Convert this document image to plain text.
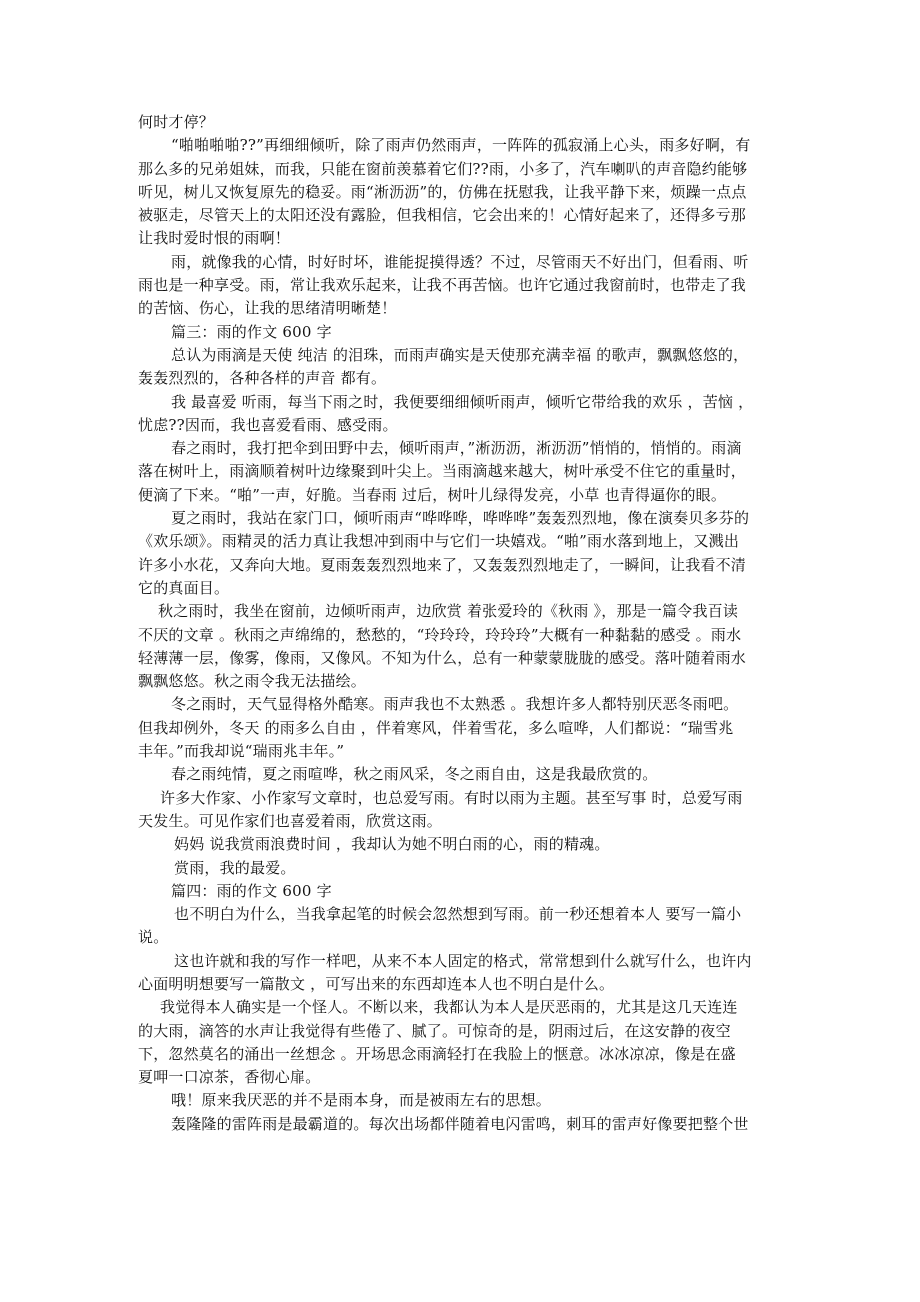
何时才停？
“啪啪啪啪??”再细细倾听，除了雨声仍然雨声，一阵阵的孤寂涌上心头，雨多好啊，有
那么多的兄弟姐妹，而我，只能在窗前羡慕着它们??雨，小多了，汽车喇叭的声音隐约能够
听见，树儿又恢复原先的稳妥。雨“淅沥沥”的，仿佛在抚慰我，让我平静下来，烦躁一点点
被驱走，尽管天上的太阳还没有露脸，但我相信，它会出来的！心情好起来了，还得多亏那
让我时爱时恨的雨啊！
雨，就像我的心情，时好时坏，谁能捉摸得透？不过，尽管雨天不好出门，但看雨、听
雨也是一种享受。雨，常让我欢乐起来，让我不再苦恼。也许它通过我窗前时，也带走了我
的苦恼、伤心，让我的思绪清明晰楚！
篇三：雨的作文 600 字
总认为雨滴是天使 纯洁 的泪珠，而雨声确实是天使那充满幸福 的歌声，飘飘悠悠的，
轰轰烈烈的，各种各样的声音 都有。
我 最喜爱 听雨，每当下雨之时，我便要细细倾听雨声，倾听它带给我的欢乐 ，苦恼 ，
忧虑??因而，我也喜爱看雨、感受雨。
春之雨时，我打把伞到田野中去，倾听雨声，”淅沥沥，淅沥沥”悄悄的，悄悄的。雨滴
落在树叶上，雨滴顺着树叶边缘聚到叶尖上。当雨滴越来越大，树叶承受不住它的重量时，
便滴了下来。“啪”一声，好脆。当春雨 过后，树叶儿绿得发亮，小草 也青得逼你的眼。
夏之雨时，我站在家门口，倾听雨声“哗哗哗，哗哗哗”轰轰烈烈地，像在演奏贝多芬的
《欢乐颂》。雨精灵的活力真让我想冲到雨中与它们一块嬉戏。“啪”雨水落到地上，又溅出
许多小水花，又奔向大地。夏雨轰轰烈烈地来了，又轰轰烈烈地走了，一瞬间，让我看不清
它的真面目。
秋之雨时，我坐在窗前，边倾听雨声，边欣赏 着张爱玲的《秋雨 》，那是一篇令我百读
不厌的文章 。秋雨之声绵绵的，愁愁的，“玲玲玲，玲玲玲”大概有一种黏黏的感受 。雨水
轻薄薄一层，像雾，像雨，又像风。不知为什么，总有一种蒙蒙胧胧的感受。落叶随着雨水
飘飘悠悠。秋之雨令我无法描绘。
冬之雨时，天气显得格外酷寒。雨声我也不太熟悉 。我想许多人都特别厌恶冬雨吧。
但我却例外，冬天 的雨多么自由 ，伴着寒风，伴着雪花，多么喧哗，人们都说：“瑞雪兆
丰年。”而我却说“瑞雨兆丰年。”
春之雨纯情，夏之雨喧哗，秋之雨风采，冬之雨自由，这是我最欣赏的。
许多大作家、小作家写文章时，也总爱写雨。有时以雨为主题。甚至写事 时，总爱写雨
天发生。可见作家们也喜爱着雨，欣赏这雨。
妈妈 说我赏雨浪费时间 ，我却认为她不明白雨的心，雨的精魂。
赏雨，我的最爱。
篇四：雨的作文 600 字
也不明白为什么，当我拿起笔的时候会忽然想到写雨。前一秒还想着本人 要写一篇小
说。
这也许就和我的写作一样吧，从来不本人固定的格式，常常想到什么就写什么，也许内
心面明明想要写一篇散文 ，可写出来的东西却连本人也不明白是什么。
我觉得本人确实是一个怪人。不断以来，我都认为本人是厌恶雨的，尤其是这几天连连
的大雨，滴答的水声让我觉得有些倦了、腻了。可惊奇的是，阴雨过后，在这安静的夜空
下，忽然莫名的涌出一丝想念 。开场思念雨滴轻打在我脸上的惬意。冰冰凉凉，像是在盛
夏呷一口凉茶，香彻心扉。
哦！原来我厌恶的并不是雨本身，而是被雨左右的思想。
轰隆隆的雷阵雨是最霸道的。每次出场都伴随着电闪雷鸣，刺耳的雷声好像要把整个世
